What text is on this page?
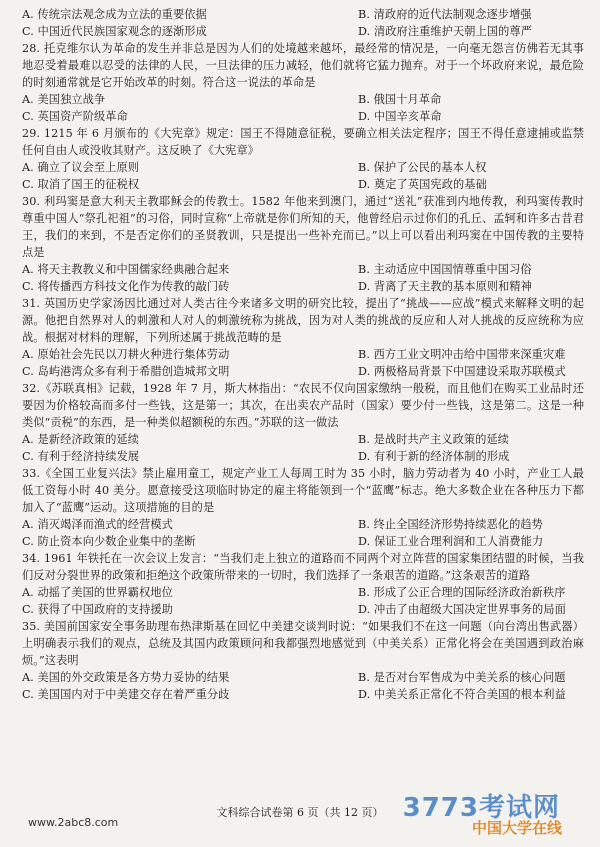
A. 传统宗法观念成为立法的重要依据	B. 清政府的近代法制观念逐步增强
C. 中国近代民族国家观念的逐渐形成	D. 清政府注重维护天朝上国的尊严

28. 托克维尔认为革命的发生并非总是因为人们的处境越来越坏，最经常的情况是，一向毫无怨言仿佛若无其事地忍受着最难以忍受的法律的人民，一旦法律的压力减轻，他们就将它猛力抛弃。对于一个坏政府来说，最危险的时刻通常就是它开始改革的时刻。符合这一说法的革命是

A. 美国独立战争	B. 俄国十月革命
C. 英国资产阶级革命	D. 中国辛亥革命

29. 1215 年 6 月颁布的《大宪章》规定：国王不得随意征税，要确立相关法定程序；国王不得任意逮捕或监禁任何自由人或没收其财产。这反映了《大宪章》

A. 确立了议会至上原则	B. 保护了公民的基本人权
C. 取消了国王的征税权	D. 奠定了英国宪政的基础

30. 利玛窦是意大利天主教耶稣会的传教士。1582 年他来到澳门，通过“送礼”获准到内地传教，利玛窦传教时尊重中国人“祭孔祀祖”的习俗，同时宣称“上帝就是你们所知的天，他曾经启示过你们的孔丘、孟轲和许多古昔君王，我们的来到，不是否定你们的圣贤教训，只是提出一些补充而已。”以上可以看出利玛窦在中国传教的主要特点是

A. 将天主教教义和中国儒家经典融合起来	B. 主动适应中国国情尊重中国习俗
C. 将传播西方科技文化作为传教的敲门砖	D. 背离了天主教的基本原则和精神

31. 英国历史学家汤因比通过对人类古往今来诸多文明的研究比较，提出了“挑战——应战”模式来解释文明的起源。他把自然界对人的刺激和人对人的刺激统称为挑战，因为对人类的挑战的反应和人对人挑战的反应统称为应战。根据对材料的理解，下列所述属于挑战范畴的是

A. 原始社会先民以刀耕火种进行集体劳动	B. 西方工业文明冲击给中国带来深重灾难
C. 岛屿港湾众多有利于希腊创造城邦文明	D. 两极格局背景下中国建设采取苏联模式

32.《苏联真相》记载，1928 年 7 月，斯大林指出：“农民不仅向国家缴纳一般税，而且他们在购买工业品时还要因为价格较高而多付一些钱，这是第一；其次，在出卖农产品时（国家）要少付一些钱，这是第二。这是一种类似“贡税”的东西，是一种类似超额税的东西。”苏联的这一做法

A. 是新经济政策的延续	B. 是战时共产主义政策的延续
C. 有利于经济持续发展	D. 有利于新的经济体制的形成

33.《全国工业复兴法》禁止雇用童工，规定产业工人每周工时为 35 小时，脑力劳动者为 40 小时，产业工人最低工资每小时 40 美分。愿意接受这项临时协定的雇主将能领到一个“蓝鹰”标志。绝大多数企业在各种压力下都加入了“蓝鹰”运动。这项措施的目的是

A. 消灭竭泽而渔式的经营模式	B. 终止全国经济形势持续恶化的趋势
C. 防止资本向少数企业集中的垄断	D. 保证工业合理利润和工人消费能力

34. 1961 年铁托在一次会议上发言：“当我们走上独立的道路而不同两个对立阵营的国家集团结盟的时候，当我们反对分裂世界的政策和拒绝这个政策所带来的一切时，我们选择了一条艰苦的道路。”这条艰苦的道路

A. 动摇了美国的世界霸权地位	B. 形成了公正合理的国际经济政治新秩序
C. 获得了中国政府的支持援助	D. 冲击了由超级大国决定世界事务的局面

35. 美国前国家安全事务助理布热津斯基在回忆中美建交谈判时说：“如果我们不在这一问题（向台湾出售武器）上明确表示我们的观点，总统及其国内政策顾问和我都强烈地感觉到（中美关系）正常化将会在美国遇到政治麻烦。”这表明

A. 美国的外交政策是各方势力妥协的结果	B. 是否对台军售成为中美关系的核心问题
C. 美国国内对于中美建交存在着严重分歧	D. 中美关系正常化不符合美国的根本利益
文科综合试卷第 6 页（共 12 页）
www.2abc8.com	3773考试网
中国大学在线
